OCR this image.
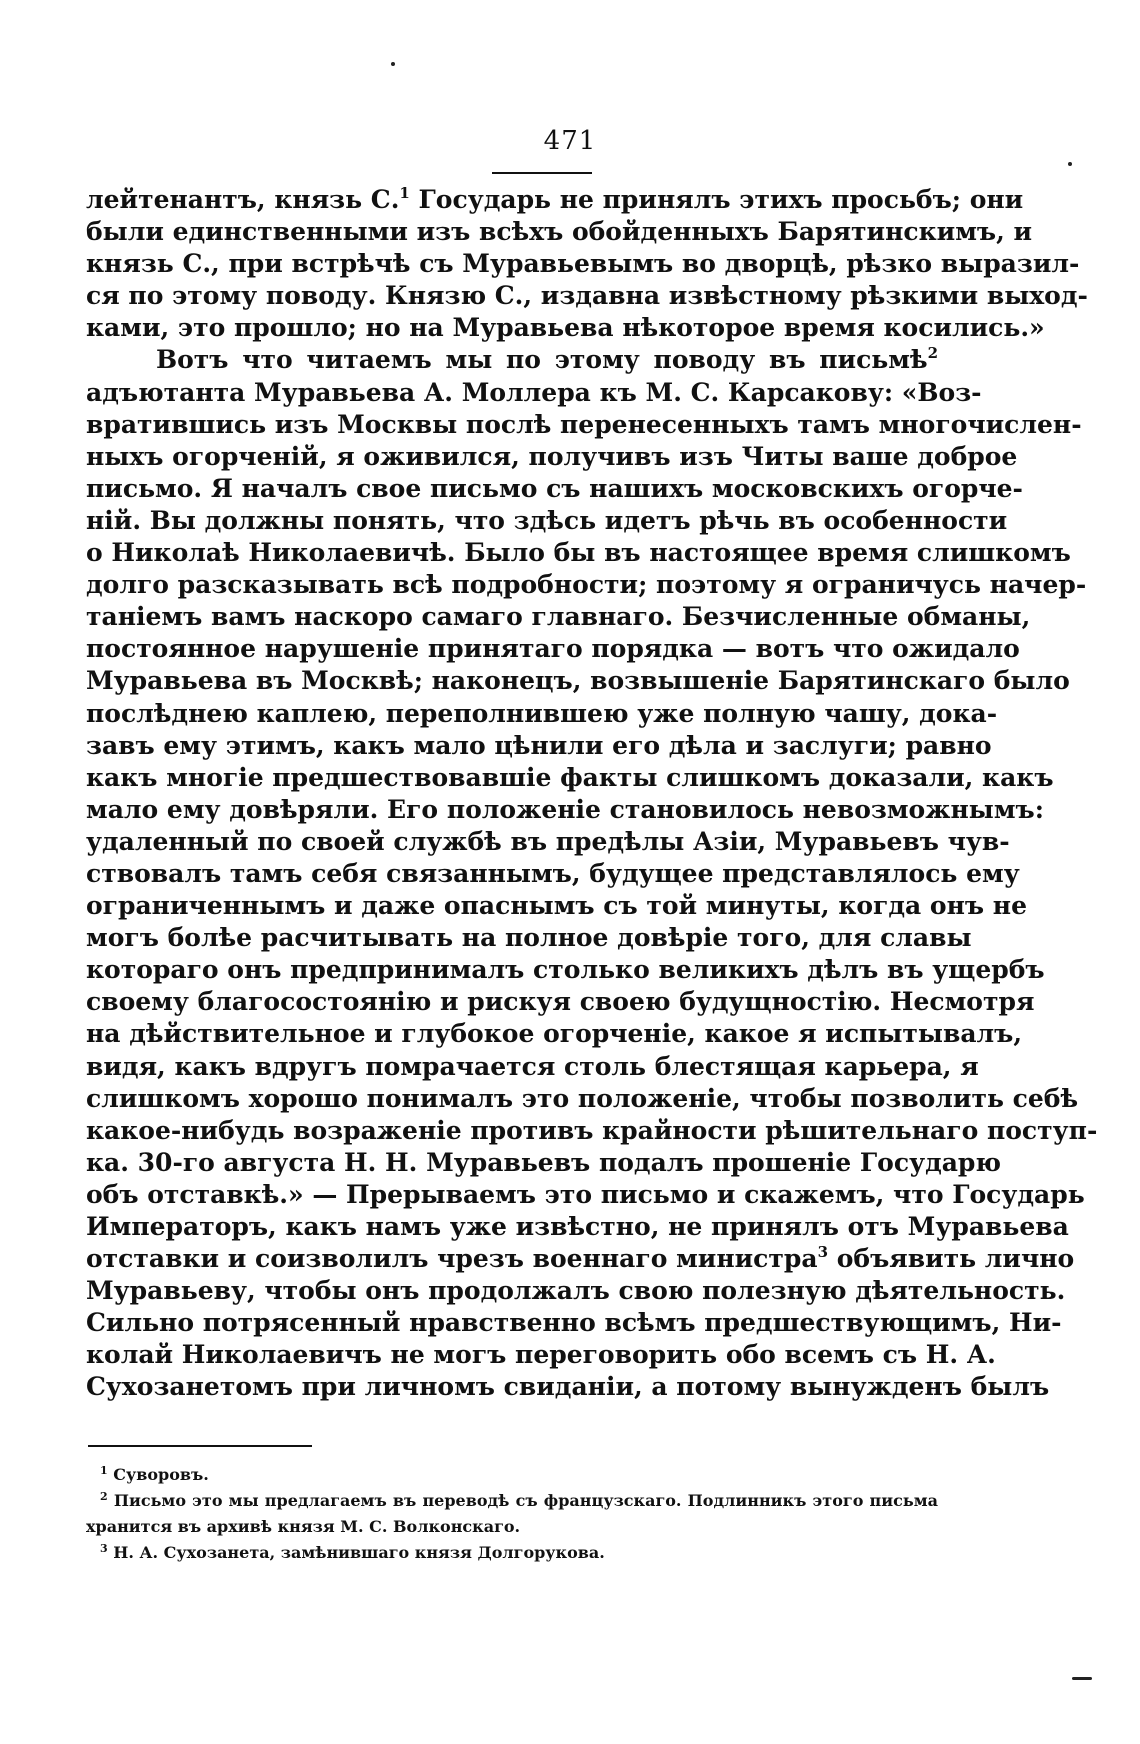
471
лейтенантъ, князь С.$^1$ Государь не принялъ этихъ просьбъ; они
были единственными изъ всѣхъ обойденныхъ Барятинскимъ, и
князь С., при встрѣчѣ съ Муравьевымъ во дворцѣ, рѣзко выразил-
ся по этому поводу. Князю С., издавна извѣстному рѣзкими выход-
ками, это прошло; но на Муравьева нѣкоторое время косились.»
Вотъ что читаемъ мы по этому поводу въ письмѣ$^2$
адъютанта Муравьева А. Моллера къ М. С. Карсакову: «Воз-
вратившись изъ Москвы послѣ перенесенныхъ тамъ многочислен-
ныхъ огорченій, я оживился, получивъ изъ Читы ваше доброе
письмо. Я началъ свое письмо съ нашихъ московскихъ огорче-
ній. Вы должны понять, что здѣсь идетъ рѣчь въ особенности
о Николаѣ Николаевичѣ. Было бы въ настоящее время слишкомъ
долго разсказывать всѣ подробности; поэтому я ограничусь начер-
таніемъ вамъ наскоро самаго главнаго. Безчисленные обманы,
постоянное нарушеніе принятаго порядка — вотъ что ожидало
Муравьева въ Москвѣ; наконецъ, возвышеніе Барятинскаго было
послѣднею каплею, переполнившею уже полную чашу, дока-
завъ ему этимъ, какъ мало цѣнили его дѣла и заслуги; равно
какъ многіе предшествовавшіе факты слишкомъ доказали, какъ
мало ему довѣряли. Его положеніе становилось невозможнымъ:
удаленный по своей службѣ въ предѣлы Азіи, Муравьевъ чув-
ствовалъ тамъ себя связаннымъ, будущее представлялось ему
ограниченнымъ и даже опаснымъ съ той минуты, когда онъ не
могъ болѣе расчитывать на полное довѣріе того, для славы
котораго онъ предпринималъ столько великихъ дѣлъ въ ущербъ
своему благосостоянію и рискуя своею будущностію. Несмотря
на дѣйствительное и глубокое огорченіе, какое я испытывалъ,
видя, какъ вдругъ помрачается столь блестящая карьера, я
слишкомъ хорошо понималъ это положеніе, чтобы позволить себѣ
какое-нибудь возраженіе противъ крайности рѣшительнаго поступ-
ка. 30-го августа Н. Н. Муравьевъ подалъ прошеніе Государю
объ отставкѣ.» — Прерываемъ это письмо и скажемъ, что Государь
Императоръ, какъ намъ уже извѣстно, не принялъ отъ Муравьева
отставки и соизволилъ чрезъ военнаго министра$^3$ объявить лично
Муравьеву, чтобы онъ продолжалъ свою полезную дѣятельность.
Сильно потрясенный нравственно всѣмъ предшествующимъ, Ни-
колай Николаевичъ не могъ переговорить обо всемъ съ Н. А.
Сухозанетомъ при личномъ свиданіи, а потому вынужденъ былъ
$^1$ Суворовъ.
$^2$ Письмо это мы предлагаемъ въ переводѣ съ французскаго. Подлинникъ этого письма
хранится въ архивѣ князя М. С. Волконскаго.
$^3$ Н. А. Сухозанета, замѣнившаго князя Долгорукова.
